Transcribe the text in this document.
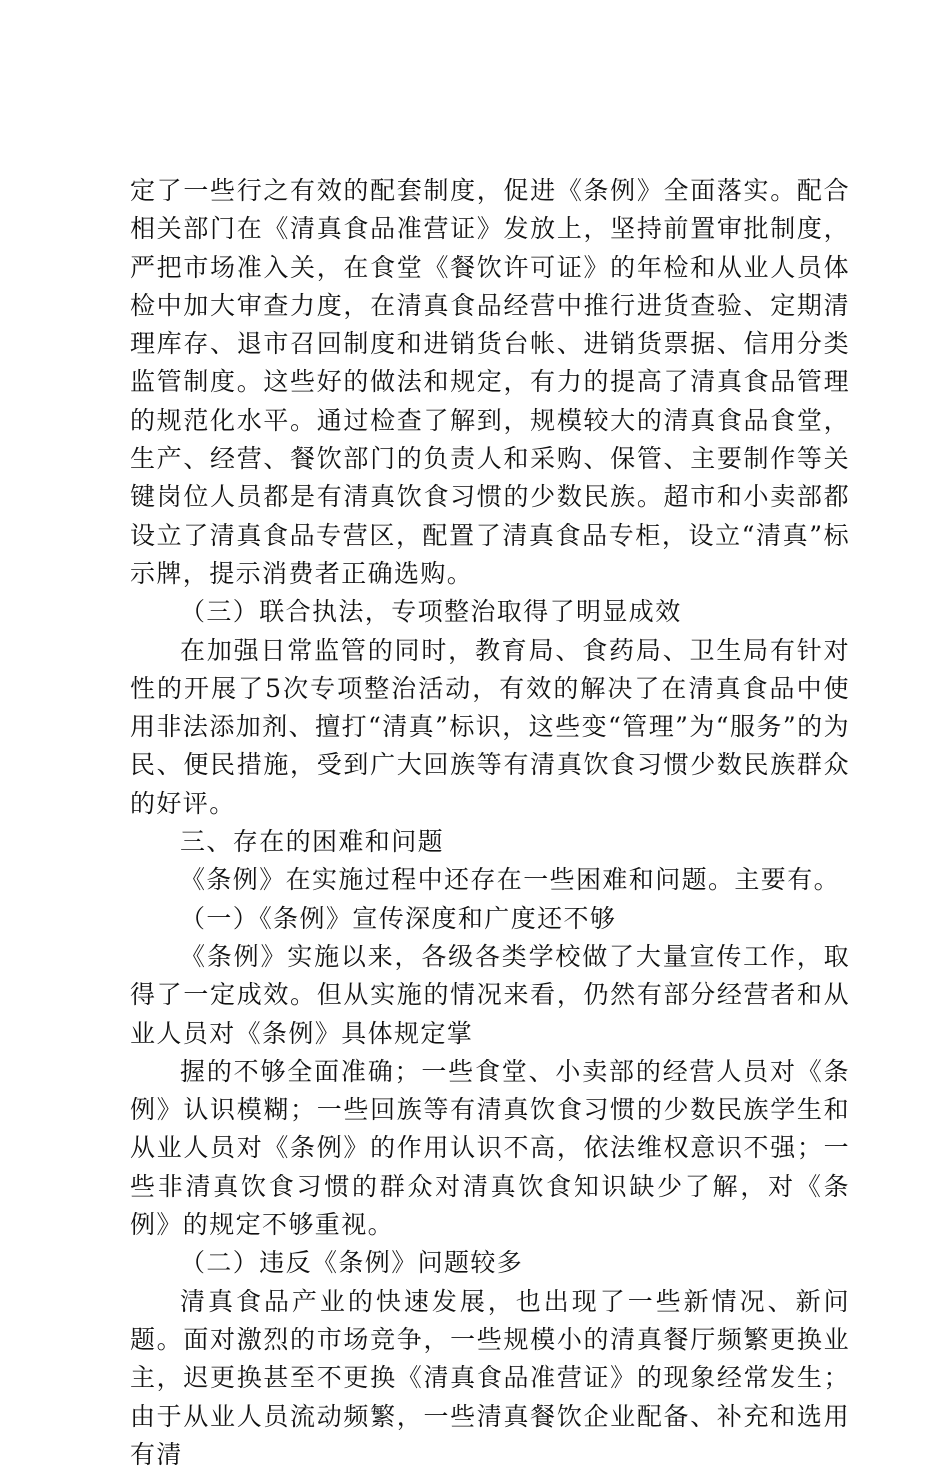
定了一些行之有效的配套制度，促进《条例》全面落实。配合相关部门在《清真食品准营证》发放上，坚持前置审批制度，严把市场准入关，在食堂《餐饮许可证》的年检和从业人员体检中加大审查力度，在清真食品经营中推行进货查验、定期清理库存、退市召回制度和进销货台帐、进销货票据、信用分类监管制度。这些好的做法和规定，有力的提高了清真食品管理的规范化水平。通过检查了解到，规模较大的清真食品食堂，生产、经营、餐饮部门的负责人和采购、保管、主要制作等关键岗位人员都是有清真饮食习惯的少数民族。超市和小卖部都设立了清真食品专营区，配置了清真食品专柜，设立“清真”标示牌，提示消费者正确选购。

（三）联合执法，专项整治取得了明显成效

在加强日常监管的同时，教育局、食药局、卫生局有针对性的开展了5次专项整治活动，有效的解决了在清真食品中使用非法添加剂、擅打“清真”标识，这些变“管理”为“服务”的为民、便民措施，受到广大回族等有清真饮食习惯少数民族群众的好评。

三、存在的困难和问题

《条例》在实施过程中还存在一些困难和问题。主要有。

（一）《条例》宣传深度和广度还不够

《条例》实施以来，各级各类学校做了大量宣传工作，取得了一定成效。但从实施的情况来看，仍然有部分经营者和从业人员对《条例》具体规定掌

握的不够全面准确；一些食堂、小卖部的经营人员对《条例》认识模糊；一些回族等有清真饮食习惯的少数民族学生和从业人员对《条例》的作用认识不高，依法维权意识不强；一些非清真饮食习惯的群众对清真饮食知识缺少了解，对《条例》的规定不够重视。

（二）违反《条例》问题较多

清真食品产业的快速发展，也出现了一些新情况、新问题。面对激烈的市场竞争，一些规模小的清真餐厅频繁更换业主，迟更换甚至不更换《清真食品准营证》的现象经常发生；由于从业人员流动频繁，一些清真餐饮企业配备、补充和选用有清
